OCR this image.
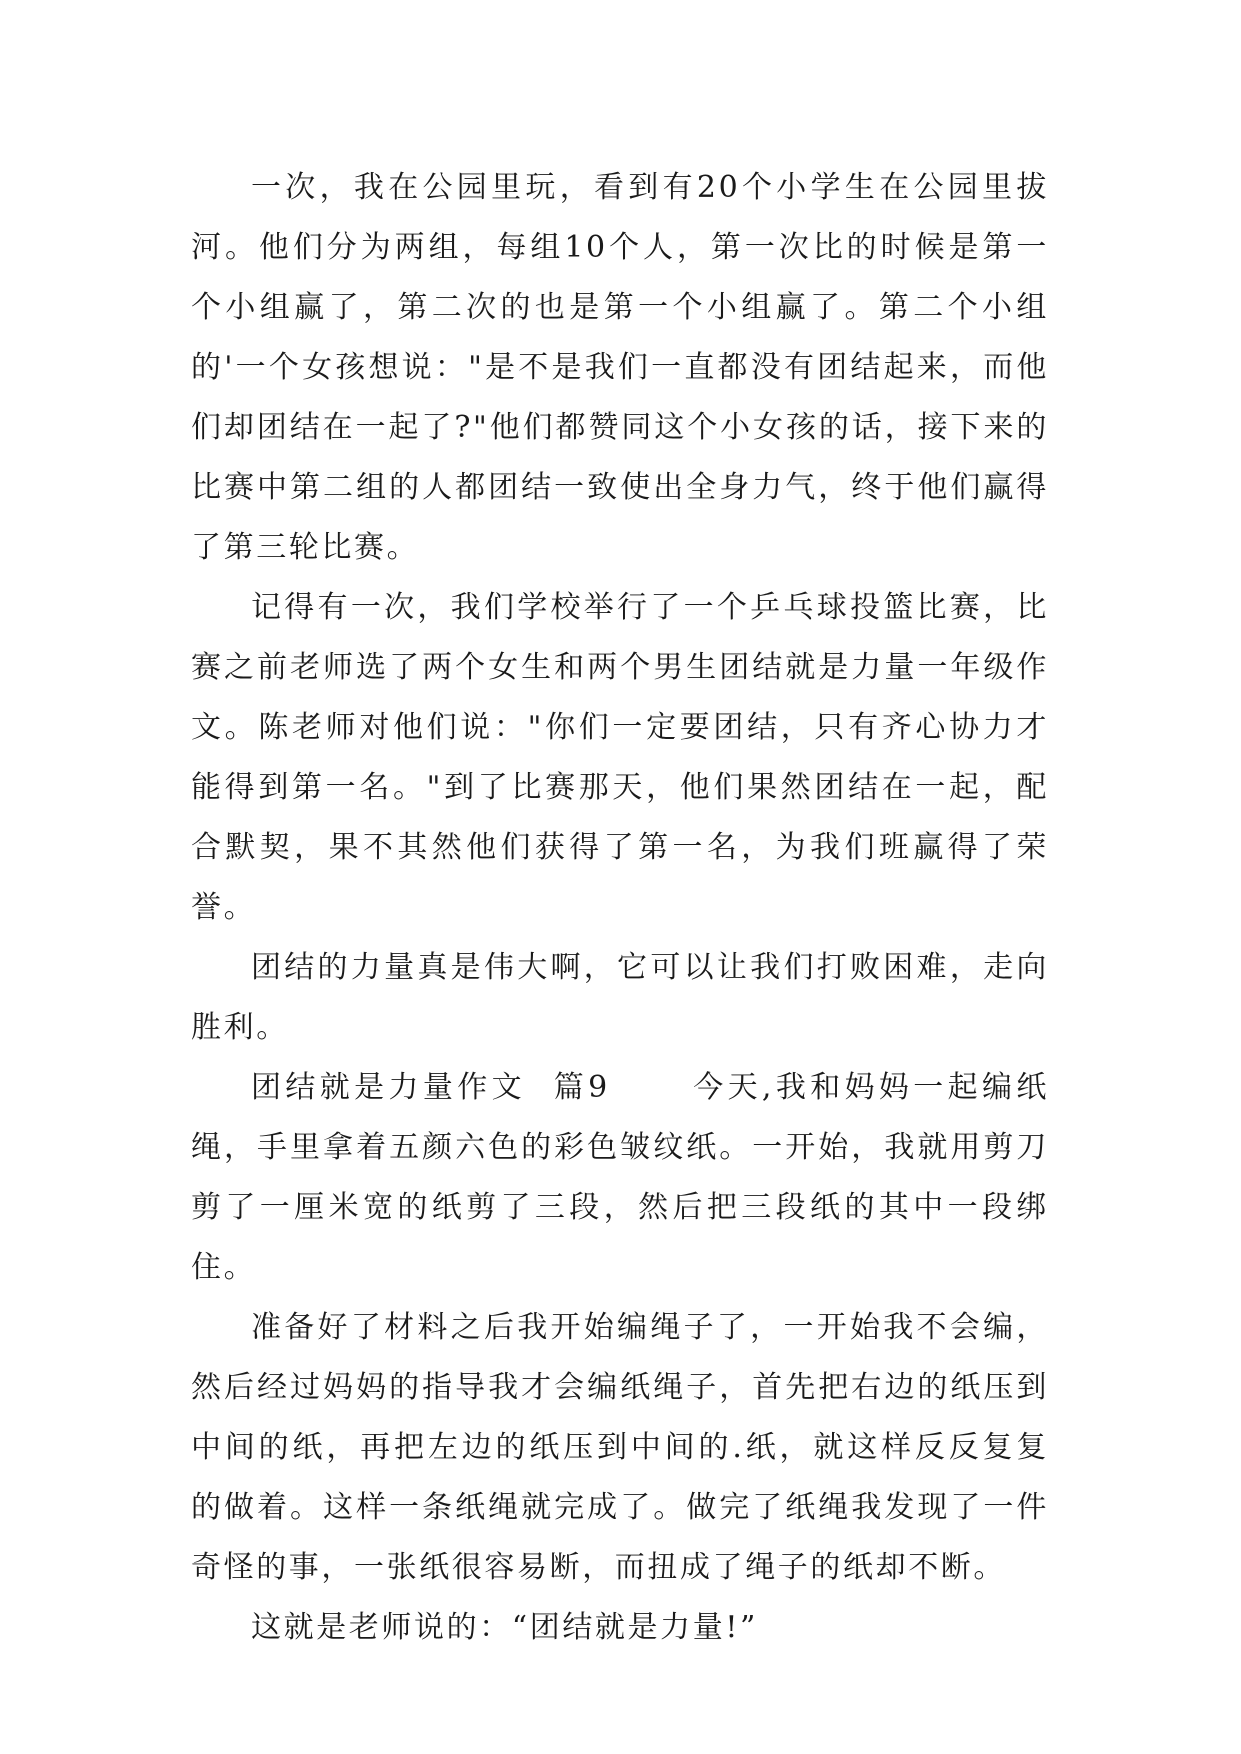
一次，我在公园里玩，看到有20个小学生在公园里拔河。他们分为两组，每组10个人，第一次比的时候是第一个小组赢了，第二次的也是第一个小组赢了。第二个小组的'一个女孩想说："是不是我们一直都没有团结起来，而他们却团结在一起了?"他们都赞同这个小女孩的话，接下来的比赛中第二组的人都团结一致使出全身力气，终于他们赢得了第三轮比赛。

记得有一次，我们学校举行了一个乒乓球投篮比赛，比赛之前老师选了两个女生和两个男生团结就是力量一年级作文。陈老师对他们说："你们一定要团结，只有齐心协力才能得到第一名。"到了比赛那天，他们果然团结在一起，配合默契，果不其然他们获得了第一名，为我们班赢得了荣誉。

团结的力量真是伟大啊，它可以让我们打败困难，走向胜利。

团结就是力量作文  篇9      今天,我和妈妈一起编纸绳，手里拿着五颜六色的彩色皱纹纸。一开始，我就用剪刀剪了一厘米宽的纸剪了三段，然后把三段纸的其中一段绑住。

准备好了材料之后我开始编绳子了，一开始我不会编，然后经过妈妈的指导我才会编纸绳子，首先把右边的纸压到中间的纸，再把左边的纸压到中间的.纸，就这样反反复复的做着。这样一条纸绳就完成了。做完了纸绳我发现了一件奇怪的事，一张纸很容易断，而扭成了绳子的纸却不断。

这就是老师说的：“团结就是力量!”
